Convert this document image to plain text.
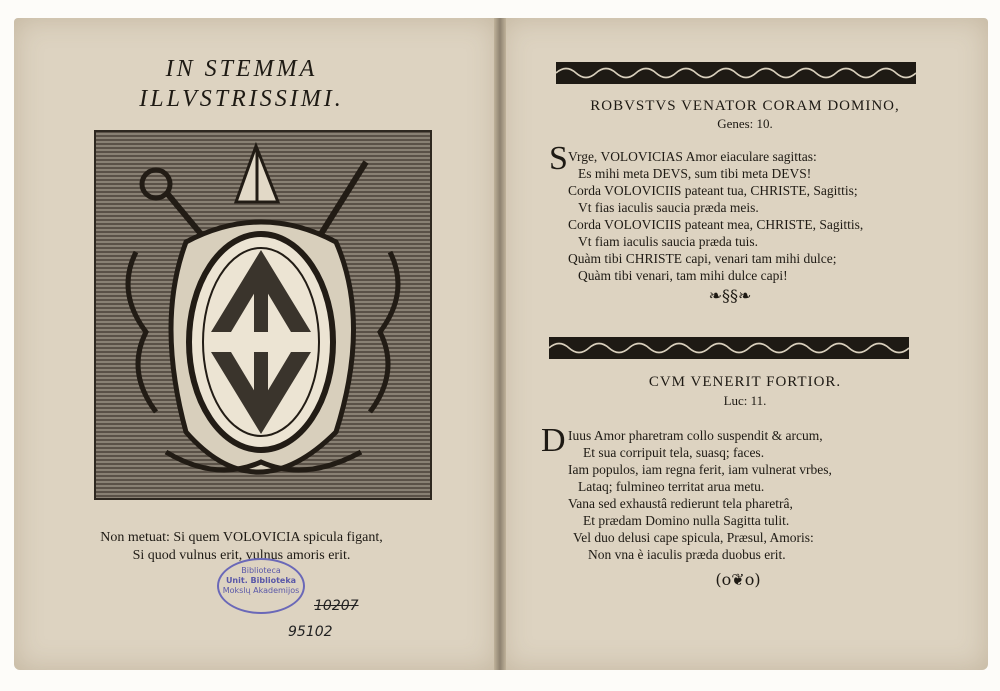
IN STEMMA
ILLVSTRISSIMI.
Non metuat: Si quem VOLOVICIA spicula figant,
Si quod vulnus erit, vulnus amoris erit.
Biblioteca
Unit. Biblioteka
Mokslų Akademijos
10207
95102
ROBVSTVS VENATOR CORAM DOMINO,
Genes: 10.
S Vrge, VOLOVICIAS Amor eiaculare sagittas:
Es mihi meta DEVS, sum tibi meta DEVS!
Corda VOLOVICIIS pateant tua, CHRISTE, Sagittis;
Vt fias iaculis saucia præda meis.
Corda VOLOVICIIS pateant mea, CHRISTE, Sagittis,
Vt fiam iaculis saucia præda tuis.
Quàm tibi CHRISTE capi, venari tam mihi dulce;
Quàm tibi venari, tam mihi dulce capi!
❧§§❧
CVM VENERIT FORTIOR.
Luc: 11.
D Iuus Amor pharetram collo suspendit & arcum,
Et sua corripuit tela, suasq; faces.
Iam populos, iam regna ferit, iam vulnerat vrbes,
Lataq; fulmineo territat arua metu.
Vana sed exhaustâ redierunt tela pharetrâ,
Et prædam Domino nulla Sagitta tulit.
Vel duo delusi cape spicula, Præsul, Amoris:
Non vna è iaculis præda duobus erit.
(o❦o)
